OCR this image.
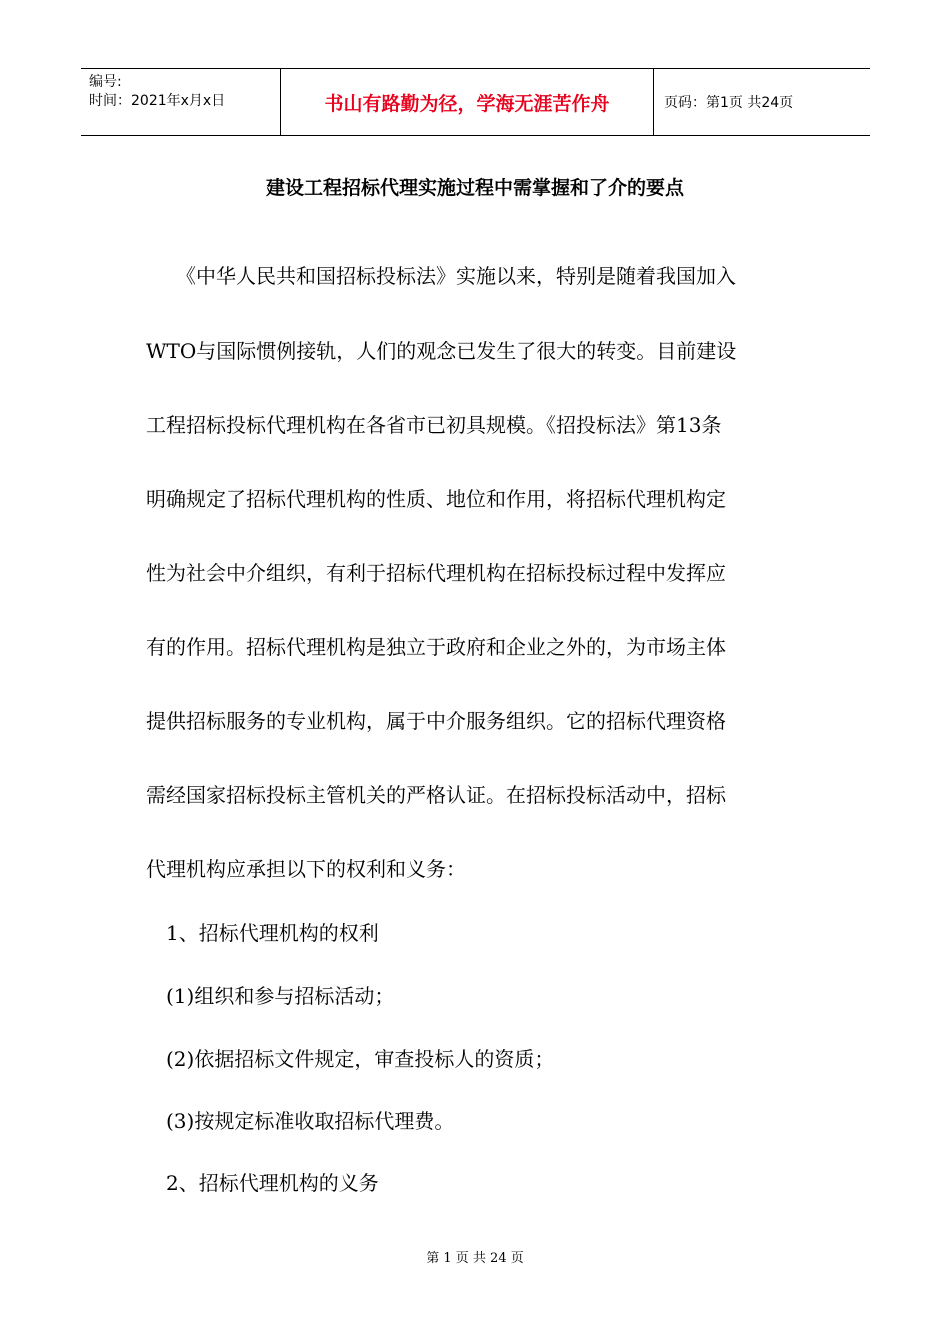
编号:
时间：2021年x月x日	书山有路勤为径，学海无涯苦作舟	页码：第1页 共24页
建设工程招标代理实施过程中需掌握和了介的要点
　　《中华人民共和国招标投标法》实施以来，特别是随着我国加入
WTO与国际惯例接轨，人们的观念已发生了很大的转变。目前建设
工程招标投标代理机构在各省市已初具规模。《招投标法》第13条
明确规定了招标代理机构的性质、地位和作用，将招标代理机构定
性为社会中介组织，有利于招标代理机构在招标投标过程中发挥应
有的作用。招标代理机构是独立于政府和企业之外的，为市场主体
提供招标服务的专业机构，属于中介服务组织。它的招标代理资格
需经国家招标投标主管机关的严格认证。在招标投标活动中，招标
代理机构应承担以下的权利和义务：
　1、招标代理机构的权利
　(1)组织和参与招标活动；
　(2)依据招标文件规定，审查投标人的资质；
　(3)按规定标准收取招标代理费。
　2、招标代理机构的义务
第 1 页 共 24 页
